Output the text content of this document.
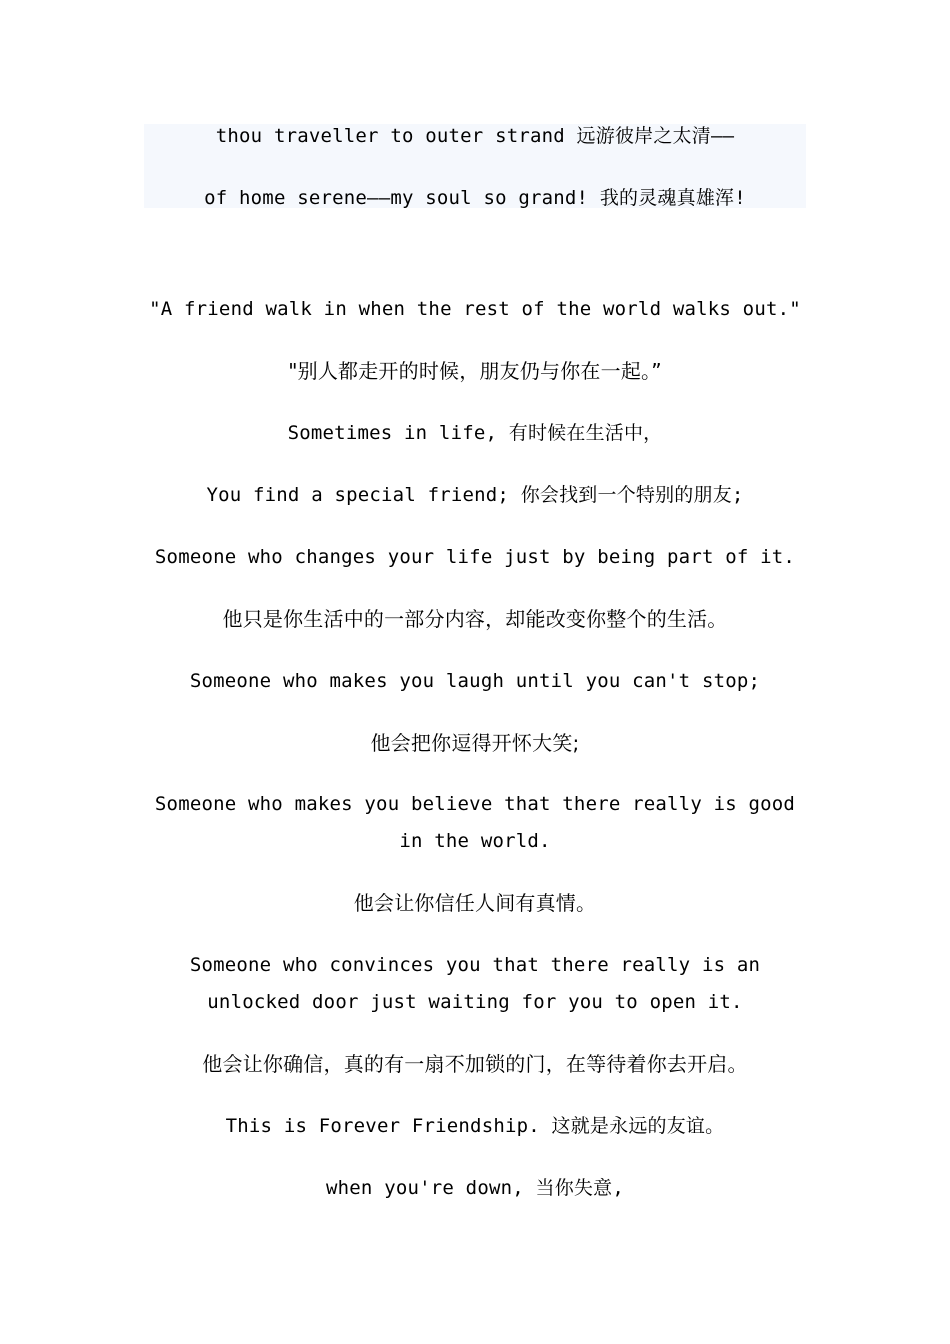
thou traveller to outer strand 远游彼岸之太清——
of home serene——my soul so grand! 我的灵魂真雄浑!
"A friend walk in when the rest of the world walks out."
"别人都走开的时候，朋友仍与你在一起。”
Sometimes in life, 有时候在生活中，
You find a special friend; 你会找到一个特别的朋友;
Someone who changes your life just by being part of it.
他只是你生活中的一部分内容，却能改变你整个的生活。
Someone who makes you laugh until you can't stop;
他会把你逗得开怀大笑;
Someone who makes you believe that there really is good in the world.
他会让你信任人间有真情。
Someone who convinces you that there really is an unlocked door just waiting for you to open it.
他会让你确信，真的有一扇不加锁的门，在等待着你去开启。
This is Forever Friendship. 这就是永远的友谊。
when you're down, 当你失意,
